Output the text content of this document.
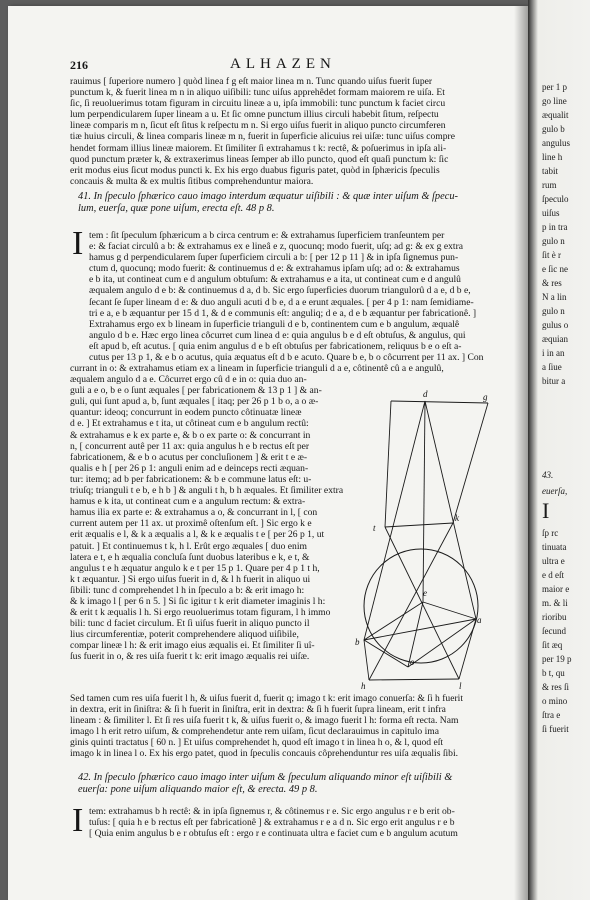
per 1 p
go line
æqualit
gulo b
angulus
line h
tabit
rum
ſpeculo
uiſus
p in tra
gulo n
ſit è r
e ſic ne
& res
N a lin
gulo n
gulus o
æquian
i in an
a ſiue
bitur a
43.
euerſa,
I
ſp rc
tinuata
ultra e
e d eſt
maior e
m. & li
rioribu
ſecund
ſit æq
per 19 p
b t, qu
& res ſi
o mino
ſtra e
ſi fuerit
216	ALHAZEN
rauimus [ ſuperiore numero ] quòd linea f g eſt maior linea m n. Tunc quando uiſus fuerit ſuper
punctum k, & fuerit linea m n in aliquo uiſibili: tunc uiſus apprehêdet formam maiorem re uiſa. Et
ſic, ſi reuoluerimus totam figuram in circuitu lineæ a u, ipſa immobili: tunc punctum k faciet circu
lum perpendicularem ſuper lineam a u. Et ſic omne punctum illius circuli habebit ſitum, reſpectu
lineæ comparis m n, ſicut eſt ſitus k reſpectu m n. Si ergo uiſus fuerit in aliquo puncto circumferen
tiæ huius circuli, & linea comparis lineæ m n, fuerit in ſuperficie alicuius rei uiſæ: tunc uiſus compre
hendet formam illius lineæ maiorem. Et ſimiliter ſi extrahamus t k: rectê, & poſuerimus in ipſa ali-
quod punctum præter k, & extraxerimus lineas ſemper ab illo puncto, quod eſt quaſi punctum k: ſic
erit modus eius ſicut modus puncti k. Ex his ergo duabus figuris patet, quòd in ſphæricis ſpeculis
concauis & multa & ex multis ſitibus comprehenduntur maiora.
41. In ſpeculo ſphærico cauo imago interdum æquatur uiſibili : & quæ inter uiſum & ſpecu-
lum, euerſa, quæ pone uiſum, erecta eſt. 48 p 8.
I tem : ſit ſpeculum ſphæricum a b circa centrum e: & extrahamus ſuperficiem tranſeuntem per
e: & faciat circulû a b: & extrahamus ex e lineâ e z, quocunq; modo fuerit, uſq; ad g: & ex g extra
hamus g d perpendicularem ſuper ſuperficiem circuli a b: [ per 12 p 11 ] & in ipſa ſignemus pun-
ctum d, quocunq; modo fuerit: & continuemus d e: & extrahamus ipſam uſq; ad o: & extrahamus
e b ita, ut contineat cum e d angulum obtuſum: & extrahamus e a ita, ut contineat cum e d angulû
æqualem angulo d e b: & continuemus d a, d b. Sic ergo ſuperficies duorum triangulorû d a e, d b e,
ſecant ſe ſuper lineam d e: & duo anguli acuti d b e, d a e erunt æquales. [ per 4 p 1: nam ſemidiame-
tri e a, e b æquantur per 15 d 1, & d e communis eſt: anguliq; d e a, d e b æquantur per fabricationê. ]
Extrahamus ergo ex b lineam in ſuperficie trianguli d e b, continentem cum e b angulum, æqualê
angulo d b e. Hæc ergo linea côcurret cum linea d e: quia angulus b e d eſt obtuſus, & angulus, qui
eſt apud b, eſt acutus. [ quia enim angulus d e b eſt obtuſus per fabricationem, reliquus b e o eſt a-
cutus per 13 p 1, & e b o acutus, quia æquatus eſt d b e acuto. Quare b e, b o côcurrent per 11 ax. ] Con
currant in o: & extrahamus etiam ex a lineam in ſuperficie trianguli d a e, côtinentê cû a e angulû,
æqualem angulo d a e. Côcurret ergo cû d e in o: quia duo an-
guli a e o, b e o ſunt æquales [ per fabricationem & 13 p 1 ] & an-
guli, qui ſunt apud a, b, ſunt æquales [ itaq; per 26 p 1 b o, a o æ-
quantur: ideoq; concurrunt in eodem puncto côtinuatæ lineæ
d e. ] Et extrahamus e t ita, ut côtineat cum e b angulum rectû:
& extrahamus e k ex parte e, & b o ex parte o: & concurrant in
n, [ concurrent autê per 11 ax: quia angulus h e b rectus eſt per
fabricationem, & e b o acutus per concluſionem ] & erit t e æ-
qualis e h [ per 26 p 1: anguli enim ad e deinceps recti æquan-
tur: itemq; ad b per fabricationem: & b e commune latus eſt: u-
triuſq; trianguli t e b, e h b ] & anguli t h, b h æquales. Et ſimiliter extra
hamus e k ita, ut contineat cum e a angulum rectum: & extra-
hamus ilia ex parte e: & extrahamus a o, & concurrant in l, [ con
current autem per 11 ax. ut proximê oſtenſum eſt. ] Sic ergo k e
erit æqualis e l, & k a æqualis a l, & k e æqualis t e [ per 26 p 1, ut
patuit. ] Et continuemus t k, h l. Erût ergo æquales [ duo enim
latera e t, e h æqualia concluſa ſunt duobus lateribus e k, e t, &
angulus t e h æquatur angulo k e t per 15 p 1. Quare per 4 p 1 t h,
k t æquantur. ] Si ergo uiſus fuerit in d, & l h fuerit in aliquo ui
ſibili: tunc d comprehendet l h in ſpeculo a b: & erit imago h:
& k imago l [ per 6 n 5. ] Si ſic igitur t k erit diameter imaginis l h:
& erit t k æqualis l h. Si ergo reuoluerimus totam figuram, l h immo
bili: tunc d faciet circulum. Et ſi uiſus fuerit in aliquo puncto il
lius circumferentiæ, poterit comprehendere aliquod uiſibile,
compar lineæ l h: & erit imago eius æqualis ei. Et ſimiliter ſi uî-
ſus fuerit in o, & res uiſa fuerit t k: erit imago æqualis rei uiſæ.
d	g
t
k
e
b
a
o
l
h
Sed tamen cum res uiſa fuerit l h, & uiſus fuerit d, fuerit q; imago t k: erit imago conuerſa: & ſi h fuerit
in dextra, erit in ſiniſtra: & ſi h fuerit in ſiniſtra, erit in dextra: & ſi h fuerit ſupra lineam, erit t infra
lineam : & ſimiliter l. Et ſi res uiſa fuerit t k, & uiſus fuerit o, & imago fuerit l h: forma eſt recta. Nam
imago l h erit retro uiſum, & comprehendetur ante rem uiſam, ſicut declarauimus in capitulo ima
ginis quinti tractatus [ 60 n. ] Et uiſus comprehendet h, quod eſt imago t in linea h o, & l, quod eſt
imago k in linea l o. Ex his ergo patet, quod in ſpeculis concauis côprehenduntur res uiſa æqualis ſibi.
42. In ſpeculo ſphærico cauo imago inter uiſum & ſpeculum aliquando minor eſt uiſibili &
euerſa: pone uiſum aliquando maior eſt, & erecta. 49 p 8.
I tem: extrahamus b h rectê: & in ipſa ſignemus r, & côtinemus r e. Sic ergo angulus r e b erit ob-
tuſus: [ quia h e b rectus eſt per fabricationê ] & extrahamus r e a d n. Sic ergo erit angulus r e b
[ Quia enim angulus b e r obtuſus eſt : ergo r e continuata ultra e faciet cum e b angulum acutum
